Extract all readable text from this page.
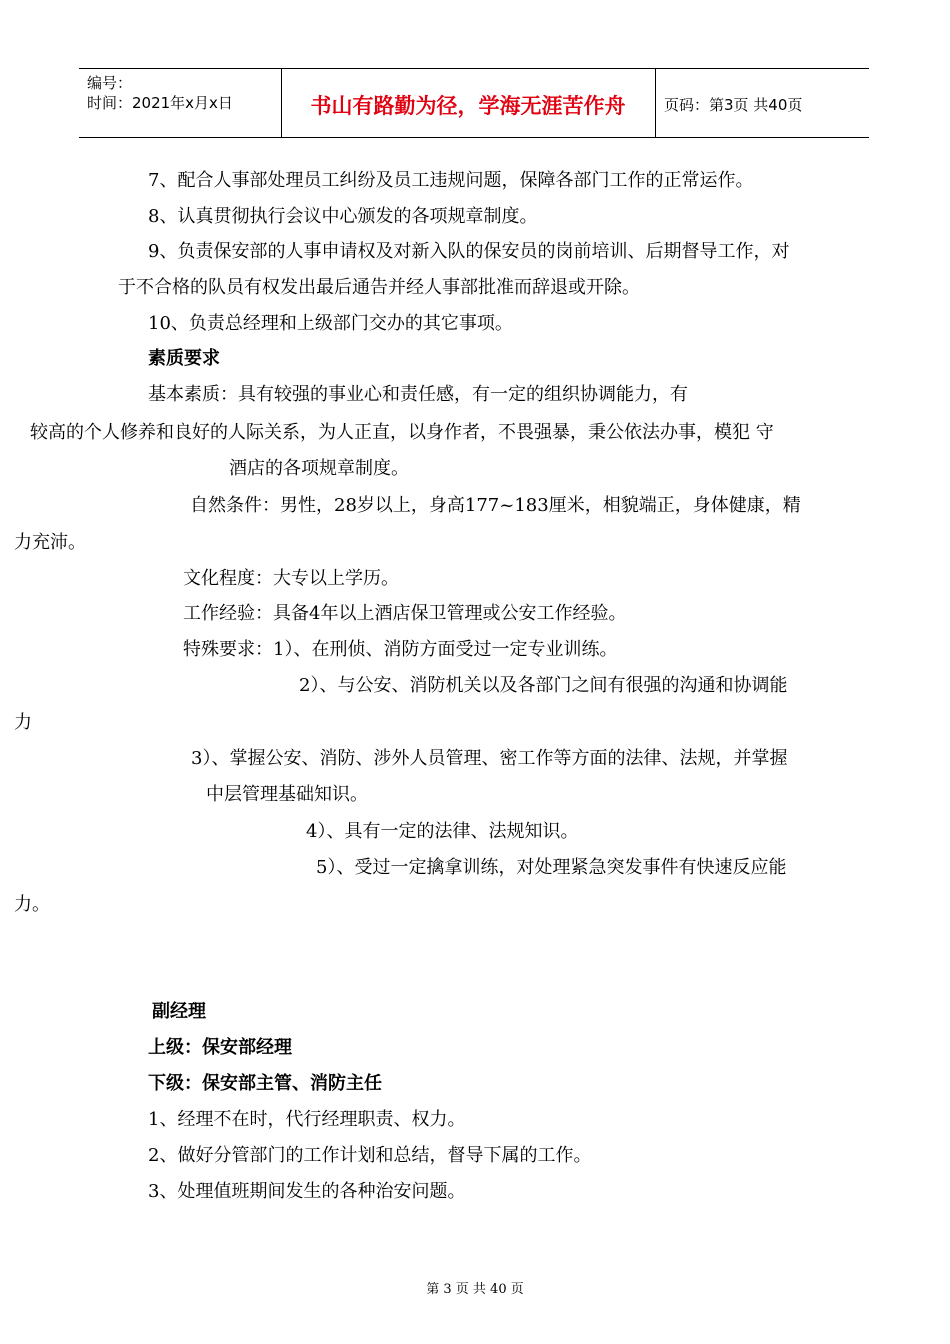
编号：
时间：2021年x月x日	书山有路勤为径，学海无涯苦作舟	页码：第3页 共40页
7、配合人事部处理员工纠纷及员工违规问题，保障各部门工作的正常运作。
8、认真贯彻执行会议中心颁发的各项规章制度。
9、负责保安部的人事申请权及对新入队的保安员的岗前培训、后期督导工作，对
于不合格的队员有权发出最后通告并经人事部批准而辞退或开除。
10、负责总经理和上级部门交办的其它事项。
素质要求
基本素质：具有较强的事业心和责任感，有一定的组织协调能力，有
较高的个人修养和良好的人际关系，为人正直，以身作者，不畏强暴，秉公依法办事，模犯 守
酒店的各项规章制度。
自然条件：男性，28岁以上，身高177~183厘米，相貌端正，身体健康，精
力充沛。
文化程度：大专以上学历。
工作经验：具备4年以上酒店保卫管理或公安工作经验。
特殊要求：1）、在刑侦、消防方面受过一定专业训练。
2）、与公安、消防机关以及各部门之间有很强的沟通和协调能
力
3）、掌握公安、消防、涉外人员管理、密工作等方面的法律、法规，并掌握
中层管理基础知识。
4）、具有一定的法律、法规知识。
5）、受过一定擒拿训练，对处理紧急突发事件有快速反应能
力。
副经理
上级：保安部经理
下级：保安部主管、消防主任
1、经理不在时，代行经理职责、权力。
2、做好分管部门的工作计划和总结，督导下属的工作。
3、处理值班期间发生的各种治安问题。
第 3 页 共 40 页
